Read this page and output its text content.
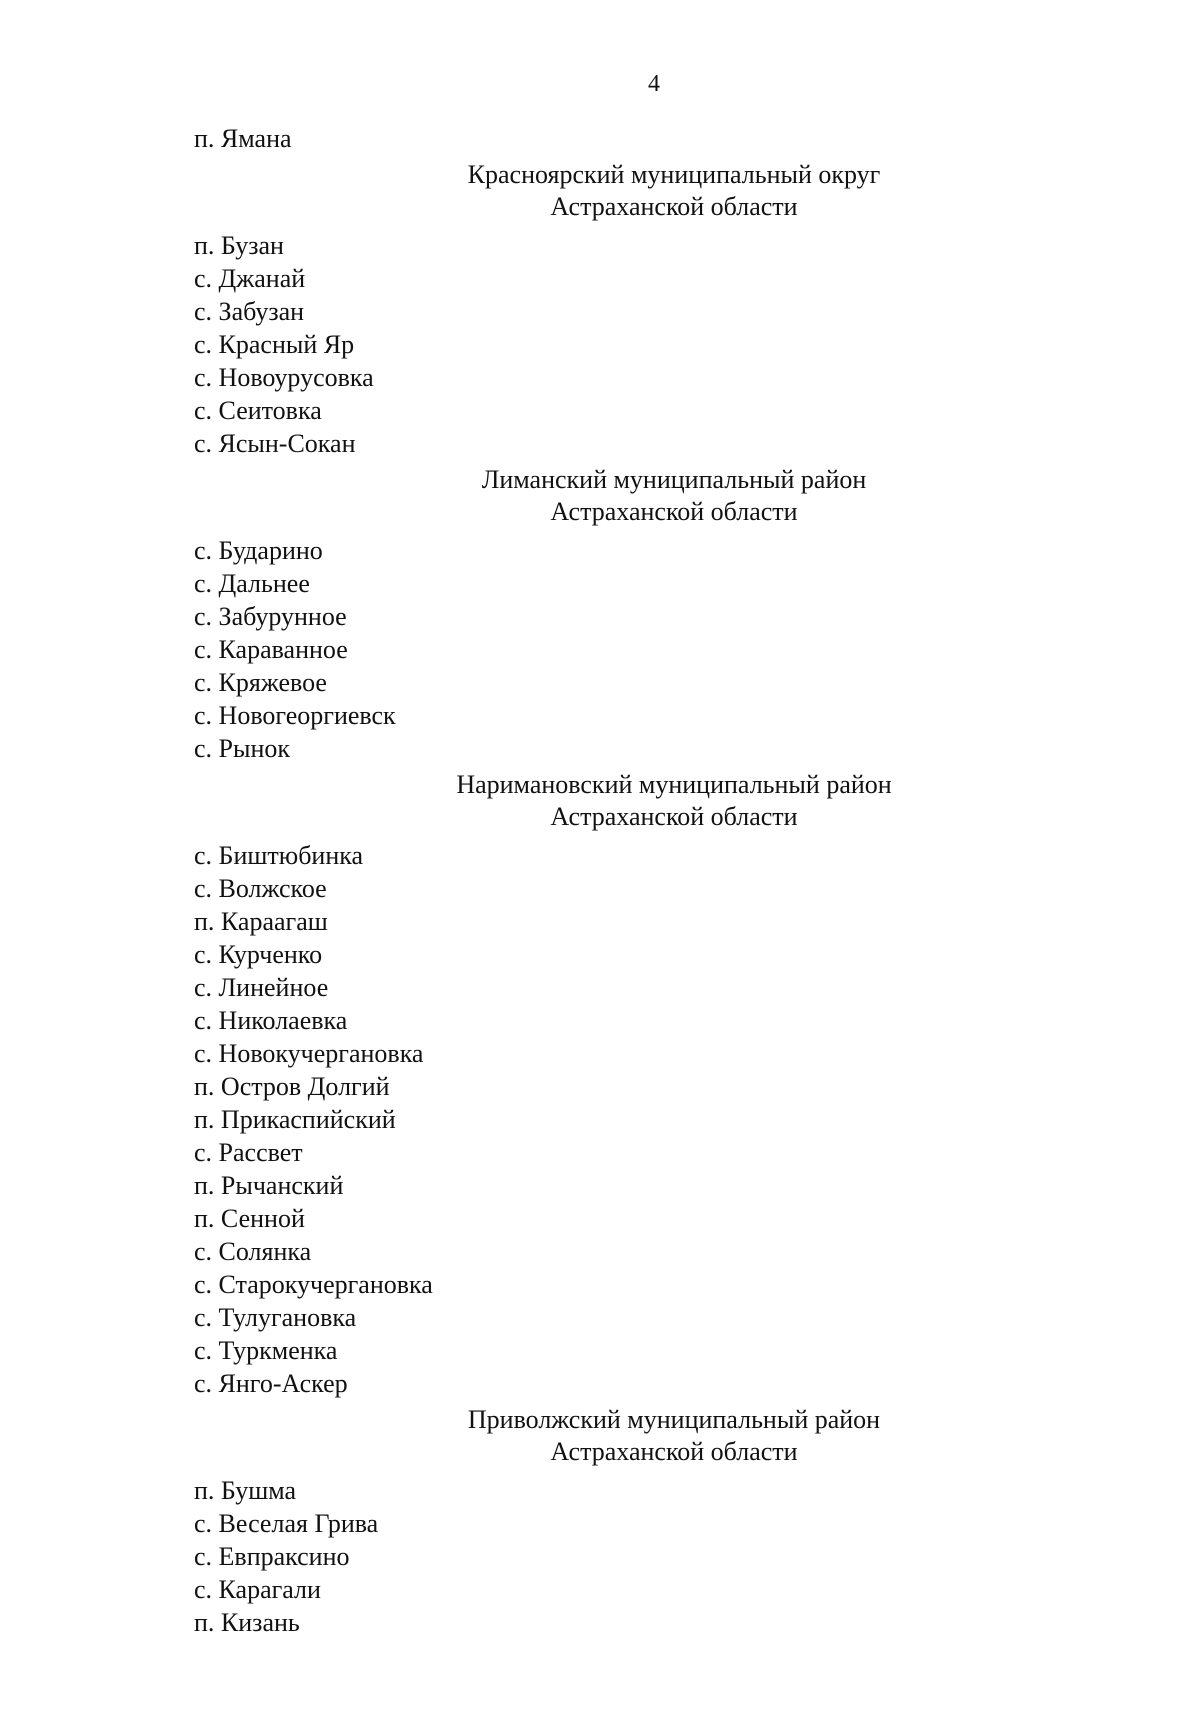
4
п. Ямана
Красноярский муниципальный округ
Астраханской области
п. Бузан
с. Джанай
с. Забузан
с. Красный Яр
с. Новоурусовка
с. Сеитовка
с. Ясын-Сокан
Лиманский муниципальный район
Астраханской области
с. Бударино
с. Дальнее
с. Забурунное
с. Караванное
с. Кряжевое
с. Новогеоргиевск
с. Рынок
Наримановский муниципальный район
Астраханской области
с. Биштюбинка
с. Волжское
п. Караагаш
с. Курченко
с. Линейное
с. Николаевка
с. Новокучергановка
п. Остров Долгий
п. Прикаспийский
с. Рассвет
п. Рычанский
п. Сенной
с. Солянка
с. Старокучергановка
с. Тулугановка
с. Туркменка
с. Янго-Аскер
Приволжский муниципальный район
Астраханской области
п. Бушма
с. Веселая Грива
с. Евпраксино
с. Карагали
п. Кизань
